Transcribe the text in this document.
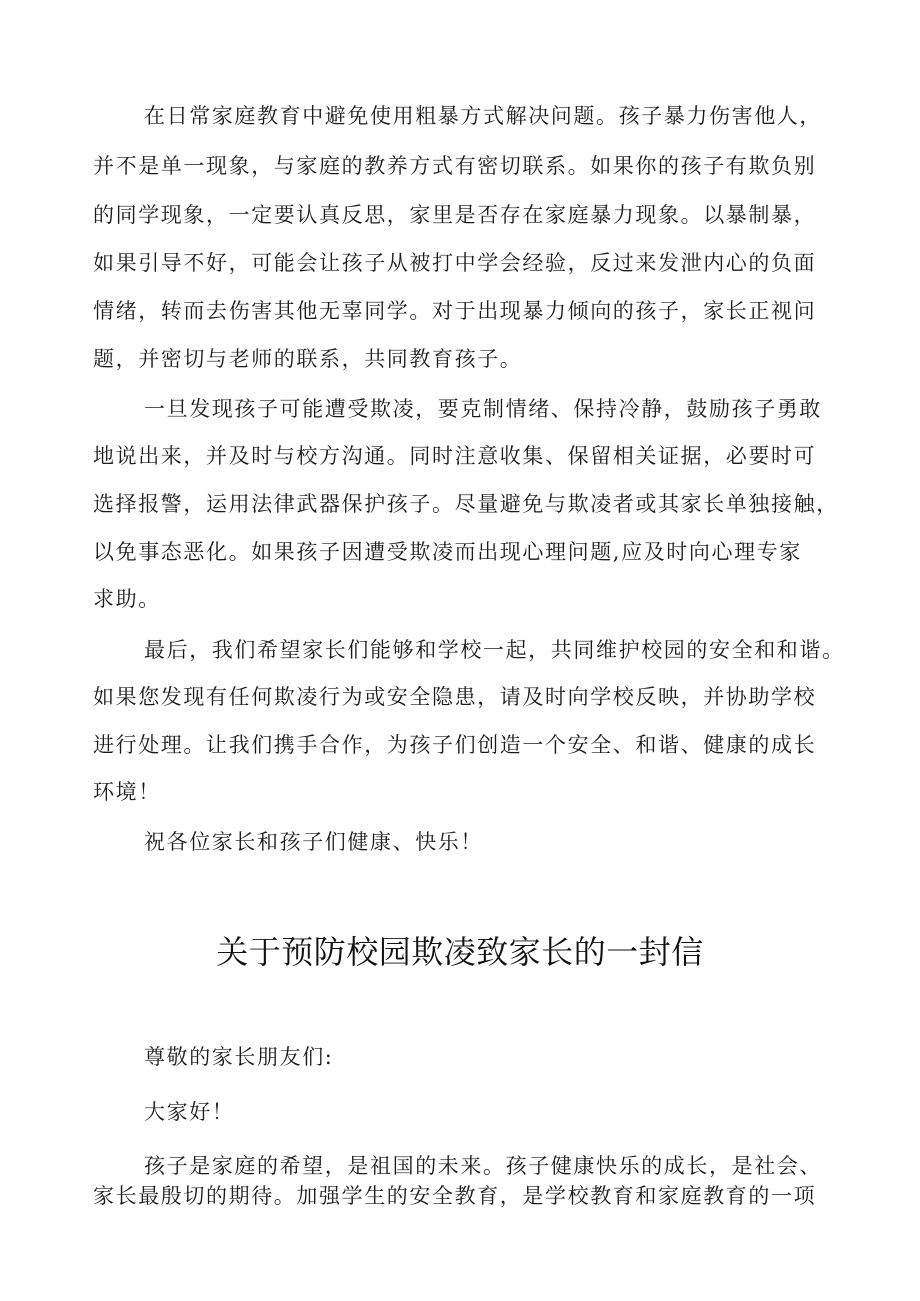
在日常家庭教育中避免使用粗暴方式解决问题。孩子暴力伤害他人，
并不是单一现象，与家庭的教养方式有密切联系。如果你的孩子有欺负别
的同学现象，一定要认真反思，家里是否存在家庭暴力现象。以暴制暴，
如果引导不好，可能会让孩子从被打中学会经验，反过来发泄内心的负面
情绪，转而去伤害其他无辜同学。对于出现暴力倾向的孩子，家长正视问
题，并密切与老师的联系，共同教育孩子。
一旦发现孩子可能遭受欺凌，要克制情绪、保持冷静，鼓励孩子勇敢
地说出来，并及时与校方沟通。同时注意收集、保留相关证据，必要时可
选择报警，运用法律武器保护孩子。尽量避免与欺凌者或其家长单独接触，
以免事态恶化。如果孩子因遭受欺凌而出现心理问题,应及时向心理专家
求助。
最后，我们希望家长们能够和学校一起，共同维护校园的安全和和谐。
如果您发现有任何欺凌行为或安全隐患，请及时向学校反映，并协助学校
进行处理。让我们携手合作，为孩子们创造一个安全、和谐、健康的成长
环境！
祝各位家长和孩子们健康、快乐！
关于预防校园欺凌致家长的一封信
尊敬的家长朋友们:
大家好！
孩子是家庭的希望，是祖国的未来。孩子健康快乐的成长，是社会、
家长最殷切的期待。加强学生的安全教育，是学校教育和家庭教育的一项
